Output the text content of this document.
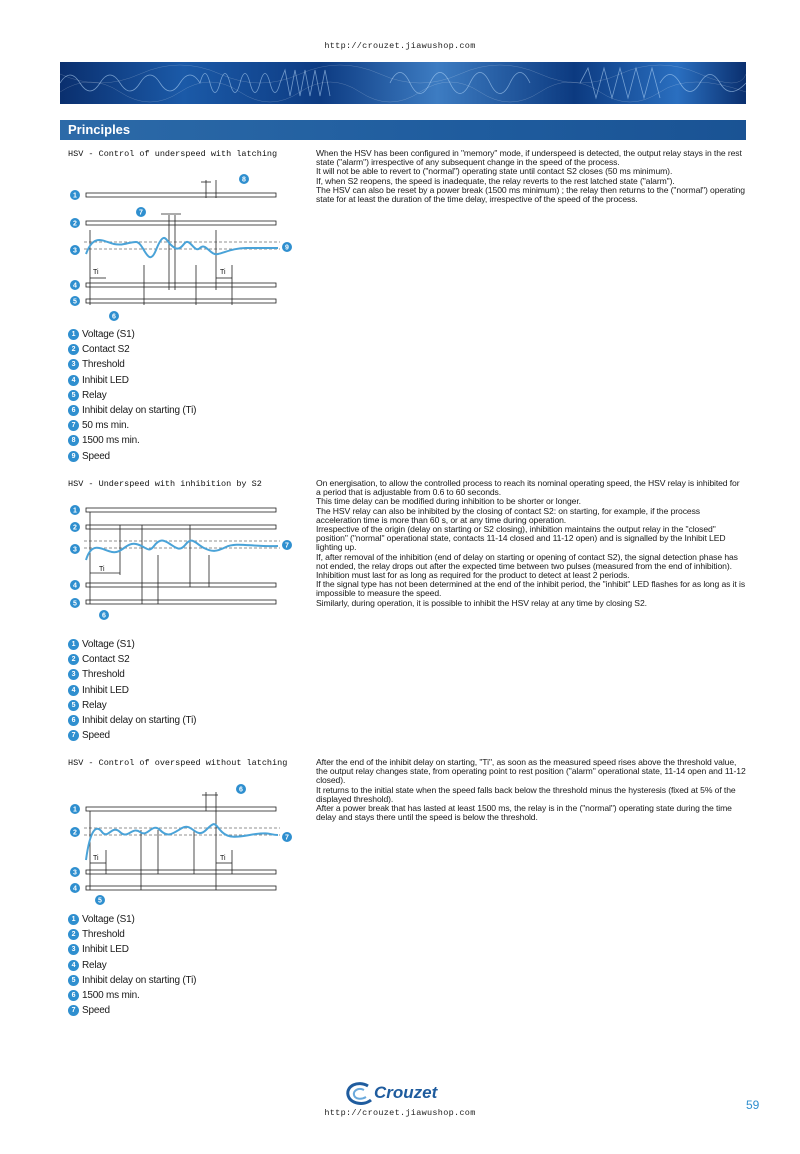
http://crouzet.jiawushop.com
Principles
HSV - Control of underspeed with latching
Ti	Ti
1
2
3
4
5
6
7
8
9
1 Voltage (S1)
2 Contact S2
3 Threshold
4 Inhibit LED
5 Relay
6 Inhibit delay on starting (Ti)
7 50 ms min.
8 1500 ms min.
9 Speed

When the HSV has been configured in "memory" mode, if underspeed is detected, the output relay stays in the rest state ("alarm") irrespective of any subsequent change in the speed of the process.

It will not be able to revert to ("normal") operating state until contact S2 closes (50 ms minimum).

If, when S2 reopens, the speed is inadequate, the relay reverts to the rest latched state ("alarm").

The HSV can also be reset by a power break (1500 ms minimum) ; the relay then returns to the ("normal") operating state for at least the duration of the time delay, irrespective of the speed of the process.

HSV - Underspeed with inhibition by S2
Ti
1
2
3
4
5
6
7
1 Voltage (S1)
2 Contact S2
3 Threshold
4 Inhibit LED
5 Relay
6 Inhibit delay on starting (Ti)
7 Speed

On energisation, to allow the controlled process to reach its nominal operating speed, the HSV relay is inhibited for a period that is adjustable from 0.6 to 60 seconds.

This time delay can be modified during inhibition to be shorter or longer.

The HSV relay can also be inhibited by the closing of contact S2: on starting, for example, if the process acceleration time is more than 60 s, or at any time during operation.

Irrespective of the origin (delay on starting or S2 closing), inhibition maintains the output relay in the "closed" position" ("normal" operational state, contacts 11-14 closed and 11-12 open) and is signalled by the Inhibit LED lighting up.

If, after removal of the inhibition (end of delay on starting or opening of contact S2), the signal detection phase has not ended, the relay drops out after the expected time between two pulses (measured from the end of inhibition).

Inhibition must last for as long as required for the product to detect at least 2 periods.

If the signal type has not been determined at the end of the inhibit period, the "inhibit" LED flashes for as long as it is impossible to measure the speed.

Similarly, during operation, it is possible to inhibit the HSV relay at any time by closing S2.

HSV - Control of overspeed without latching
Ti	Ti
1
2
3
4
5
6
7
1 Voltage (S1)
2 Threshold
3 Inhibit LED
4 Relay
5 Inhibit delay on starting (Ti)
6 1500 ms min.
7 Speed

After the end of the inhibit delay on starting, "Ti", as soon as the measured speed rises above the threshold value, the output relay changes state, from operating point to rest position ("alarm" operational state, 11-14 open and 11-12 closed).

It returns to the initial state when the speed falls back below the threshold minus the hysteresis (fixed at 5% of the displayed threshold).

After a power break that has lasted at least 1500 ms, the relay is in the ("normal") operating state during the time delay and stays there until the speed is below the threshold.

Crouzet
http://crouzet.jiawushop.com
59
